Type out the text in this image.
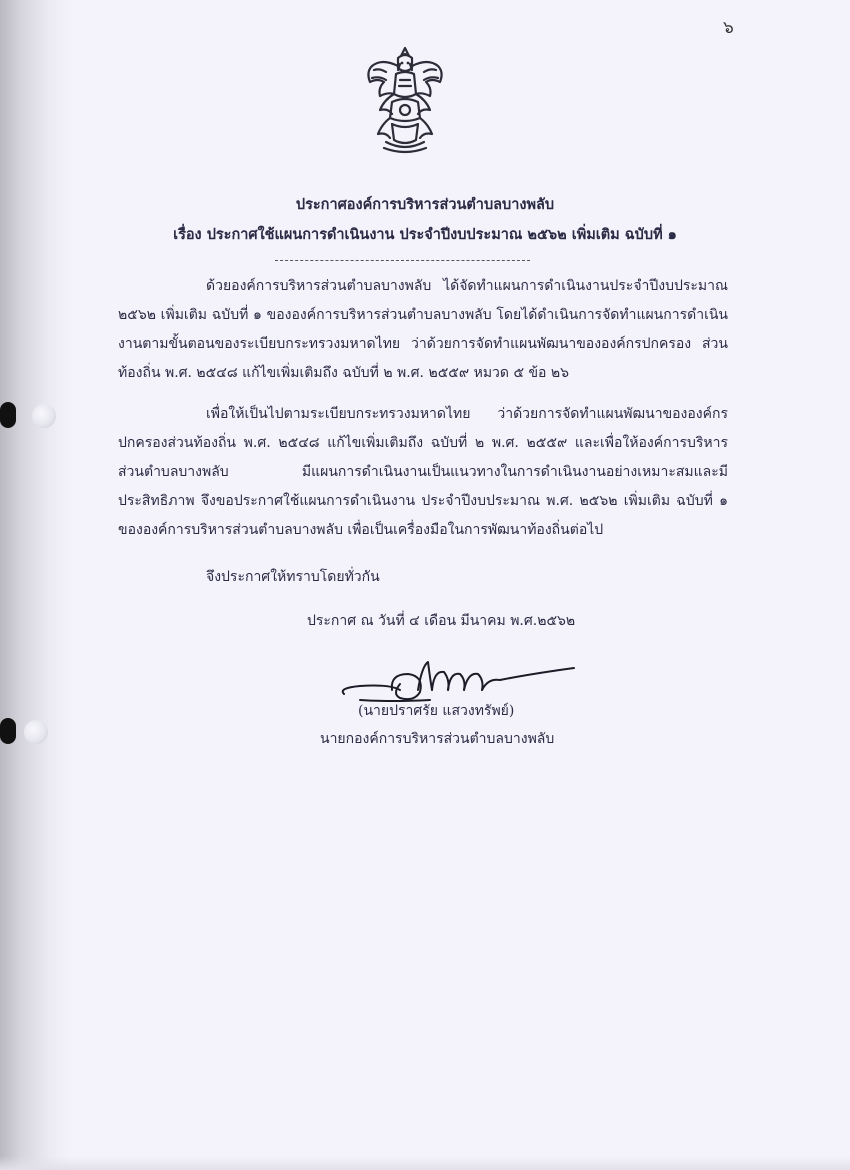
๖

ประกาศองค์การบริหารส่วนตำบลบางพลับ

เรื่อง ประกาศใช้แผนการดำเนินงาน ประจำปีงบประมาณ ๒๕๖๒ เพิ่มเติม ฉบับที่ ๑

ด้วยองค์การบริหารส่วนตำบลบางพลับ ได้จัดทำแผนการดำเนินงานประจำปีงบประมาณ ๒๕๖๒ เพิ่มเติม ฉบับที่ ๑ ขององค์การบริหารส่วนตำบลบางพลับ โดยได้ดำเนินการจัดทำแผนการดำเนินงานตามขั้นตอนของระเบียบกระทรวงมหาดไทย ว่าด้วยการจัดทำแผนพัฒนาขององค์กรปกครอง ส่วนท้องถิ่น พ.ศ. ๒๕๔๘ แก้ไขเพิ่มเติมถึง ฉบับที่ ๒ พ.ศ. ๒๕๕๙ หมวด ๕ ข้อ ๒๖

เพื่อให้เป็นไปตามระเบียบกระทรวงมหาดไทย ว่าด้วยการจัดทำแผนพัฒนาขององค์กรปกครองส่วนท้องถิ่น พ.ศ. ๒๕๔๘ แก้ไขเพิ่มเติมถึง ฉบับที่ ๒ พ.ศ. ๒๕๕๙ และเพื่อให้องค์การบริหารส่วนตำบลบางพลับ มีแผนการดำเนินงานเป็นแนวทางในการดำเนินงานอย่างเหมาะสมและมีประสิทธิภาพ จึงขอประกาศใช้แผนการดำเนินงาน ประจำปีงบประมาณ พ.ศ. ๒๕๖๒ เพิ่มเติม ฉบับที่ ๑ ขององค์การบริหารส่วนตำบลบางพลับ เพื่อเป็นเครื่องมือในการพัฒนาท้องถิ่นต่อไป

จึงประกาศให้ทราบโดยทั่วกัน
ประกาศ ณ วันที่ ๔ เดือน มีนาคม พ.ศ.๒๕๖๒
(นายปราศรัย แสวงทรัพย์)
นายกองค์การบริหารส่วนตำบลบางพลับ
